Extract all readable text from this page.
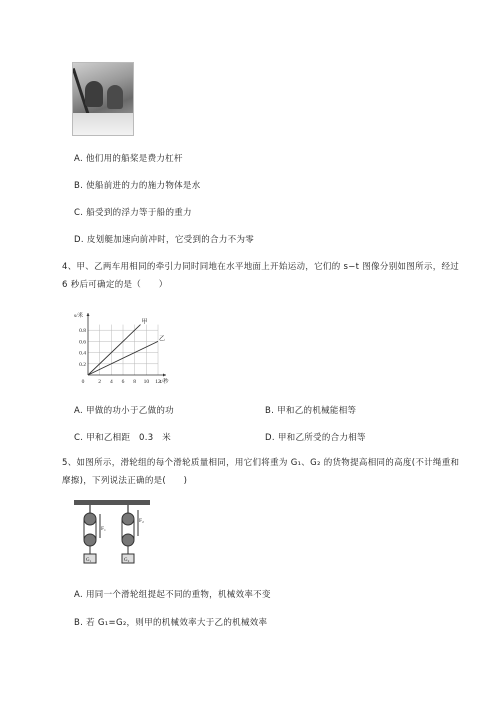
A. 他们用的船桨是费力杠杆
B. 使船前进的力的施力物体是水
C. 船受到的浮力等于船的重力
D. 皮划艇加速向前冲时，它受到的合力不为零
4、甲、乙两车用相同的牵引力同时同地在水平地面上开始运动，它们的 s−t 图像分别如图所示，经过
6 秒后可确定的是（　　）
0	2 4 6 8 10 12
0.2
0.4
0.6
0.8
s/米
t/秒
甲
乙
A. 甲做的功小于乙做的功	B. 甲和乙的机械能相等
C. 甲和乙相距　0.3　米	D. 甲和乙所受的合力相等
5、如图所示，滑轮组的每个滑轮质量相同，用它们将重为 G₁、G₂ 的货物提高相同的高度(不计绳重和
摩擦)，下列说法正确的是(　　)
F₁
G₁
F₂
G₂
A. 用同一个滑轮组提起不同的重物，机械效率不变
B. 若 G₁=G₂，则甲的机械效率大于乙的机械效率
